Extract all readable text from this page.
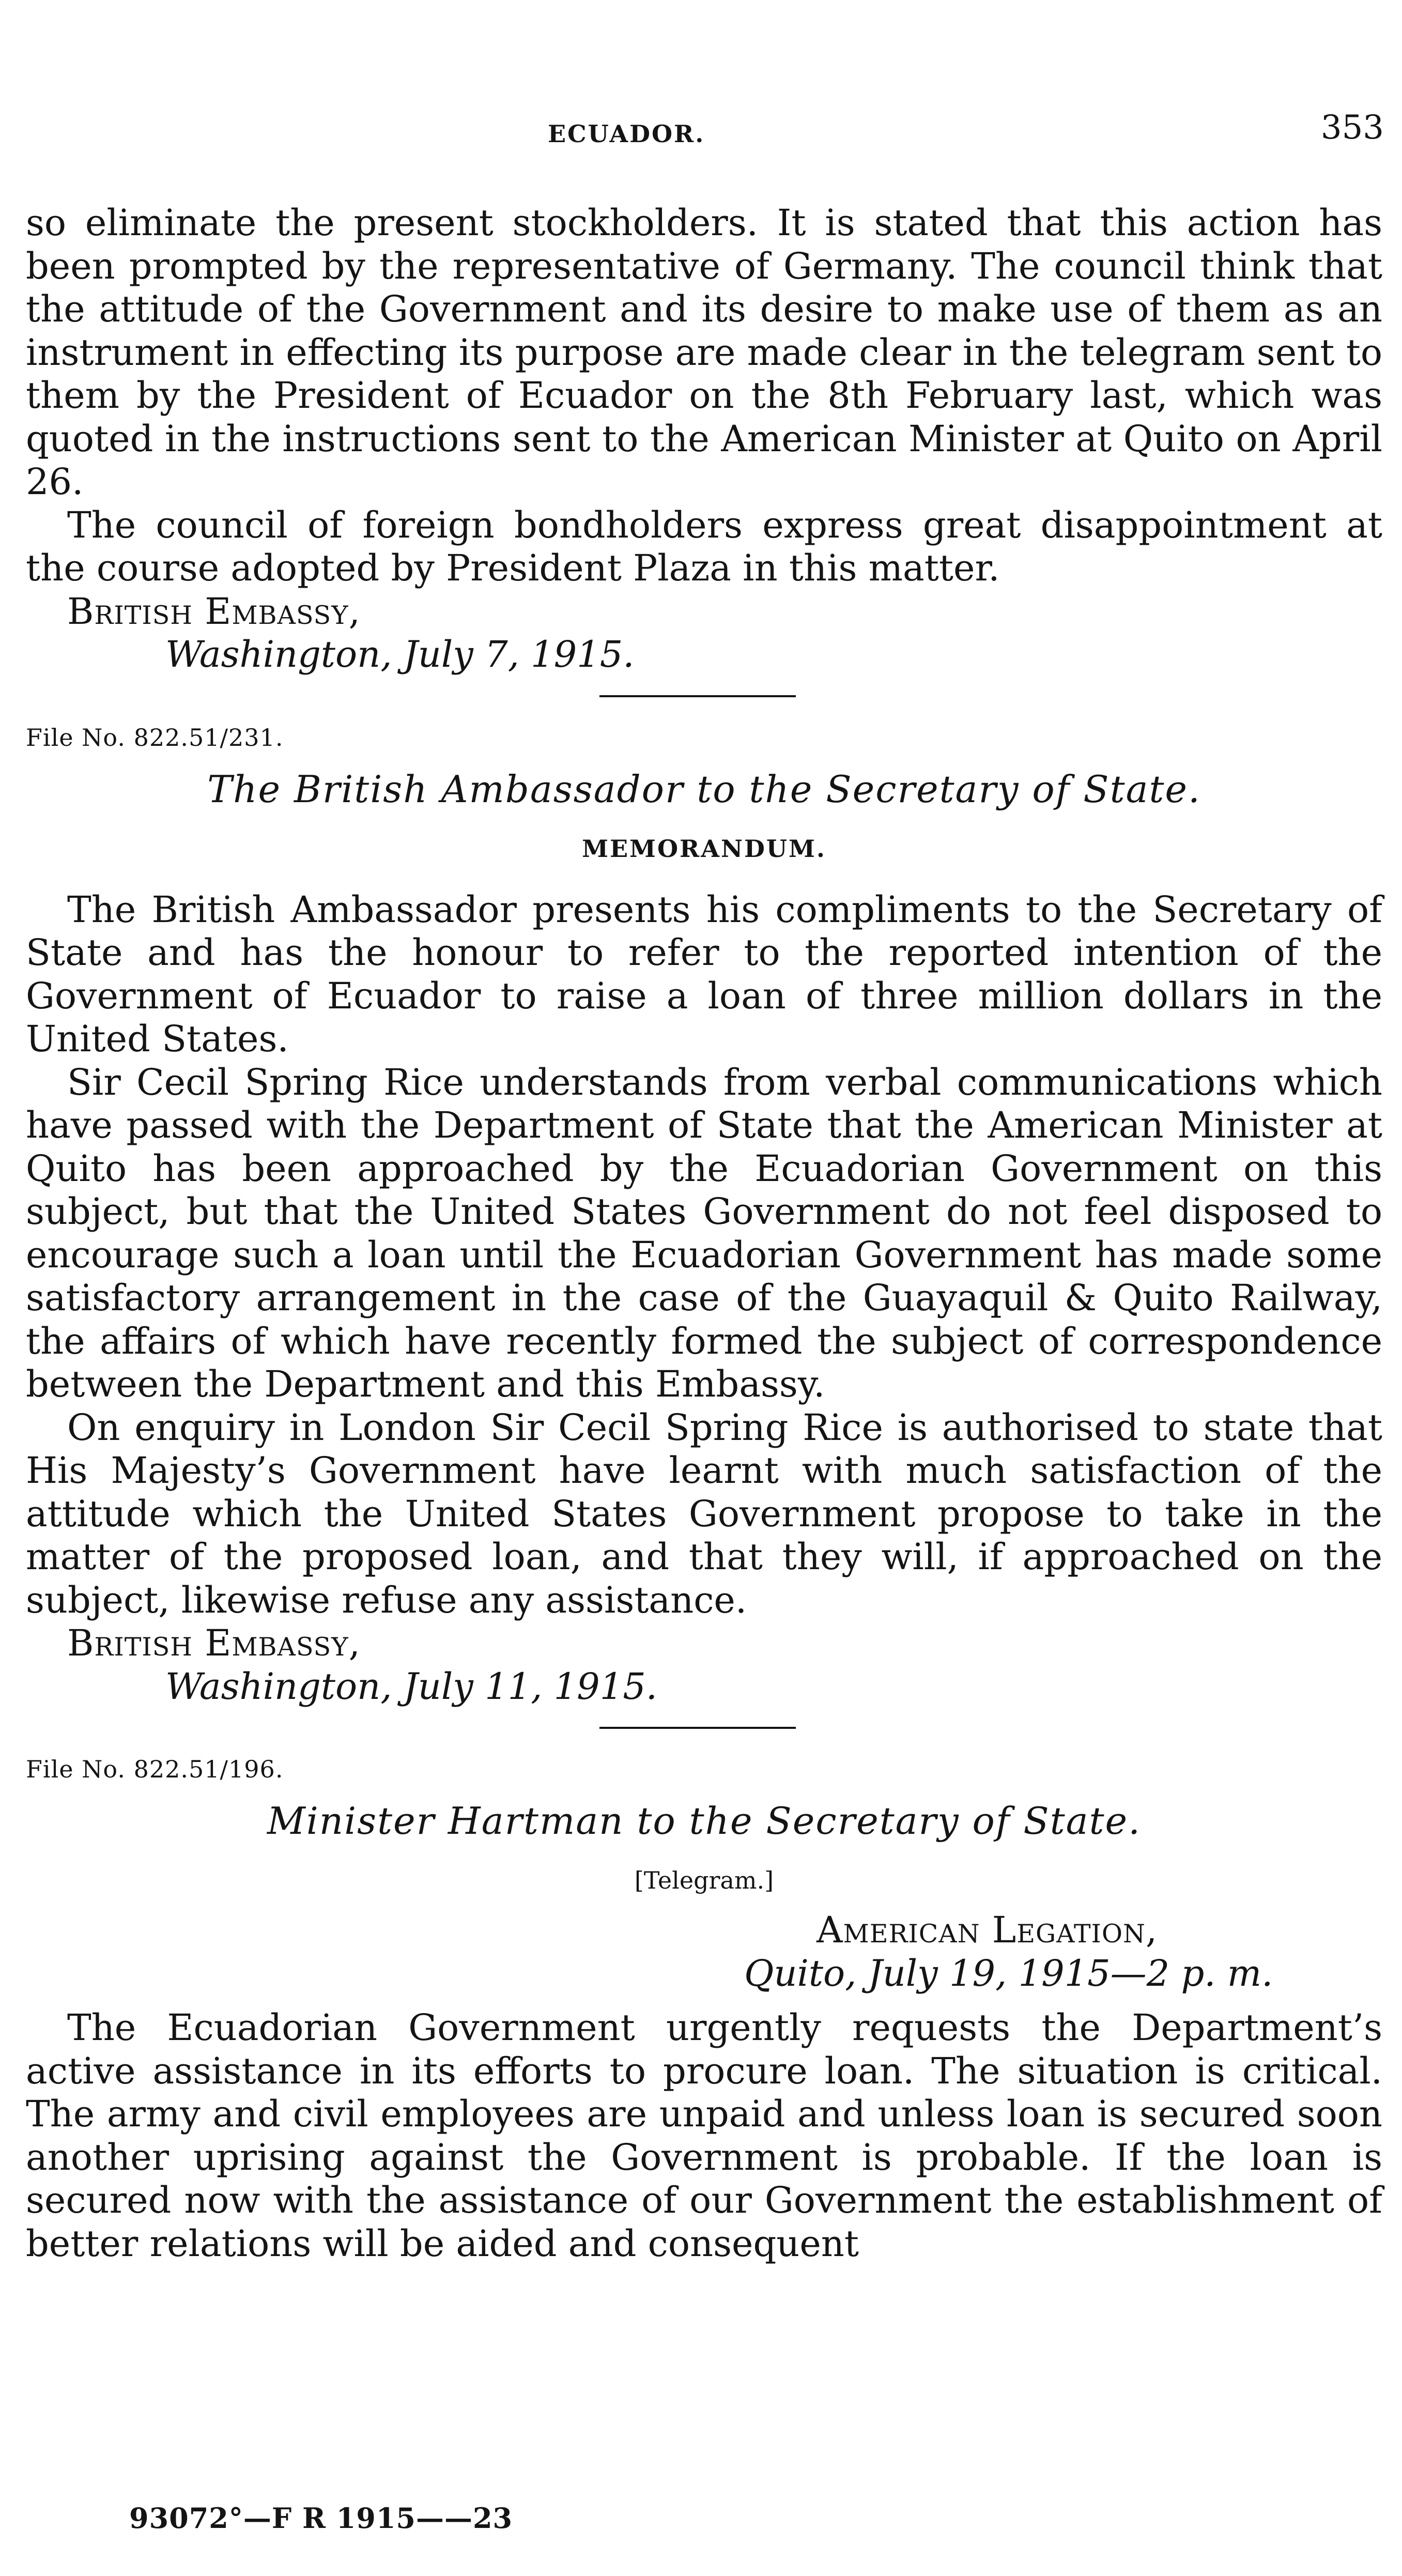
ECUADOR.	353

so eliminate the present stockholders. It is stated that this action has been prompted by the representative of Germany. The council think that the attitude of the Government and its desire to make use of them as an instrument in effecting its purpose are made clear in the telegram sent to them by the President of Ecuador on the 8th February last, which was quoted in the instructions sent to the American Minister at Quito on April 26.

The council of foreign bondholders express great disappointment at the course adopted by President Plaza in this matter.

British Embassy,
Washington, July 7, 1915.
File No. 822.51/231.
The British Ambassador to the Secretary of State.
MEMORANDUM.

The British Ambassador presents his compliments to the Secretary of State and has the honour to refer to the reported intention of the Government of Ecuador to raise a loan of three million dollars in the United States.

Sir Cecil Spring Rice understands from verbal communications which have passed with the Department of State that the American Minister at Quito has been approached by the Ecuadorian Government on this subject, but that the United States Government do not feel disposed to encourage such a loan until the Ecuadorian Government has made some satisfactory arrangement in the case of the Guayaquil & Quito Railway, the affairs of which have recently formed the subject of correspondence between the Department and this Embassy.

On enquiry in London Sir Cecil Spring Rice is authorised to state that His Majesty’s Government have learnt with much satisfaction of the attitude which the United States Government propose to take in the matter of the proposed loan, and that they will, if approached on the subject, likewise refuse any assistance.

British Embassy,
Washington, July 11, 1915.
File No. 822.51/196.
Minister Hartman to the Secretary of State.
[Telegram.]
American Legation,
Quito, July 19, 1915—2 p. m.

The Ecuadorian Government urgently requests the Department’s active assistance in its efforts to procure loan. The situation is critical. The army and civil employees are unpaid and unless loan is secured soon another uprising against the Government is probable. If the loan is secured now with the assistance of our Government the establishment of better relations will be aided and consequent

93072°—F R 1915——23
